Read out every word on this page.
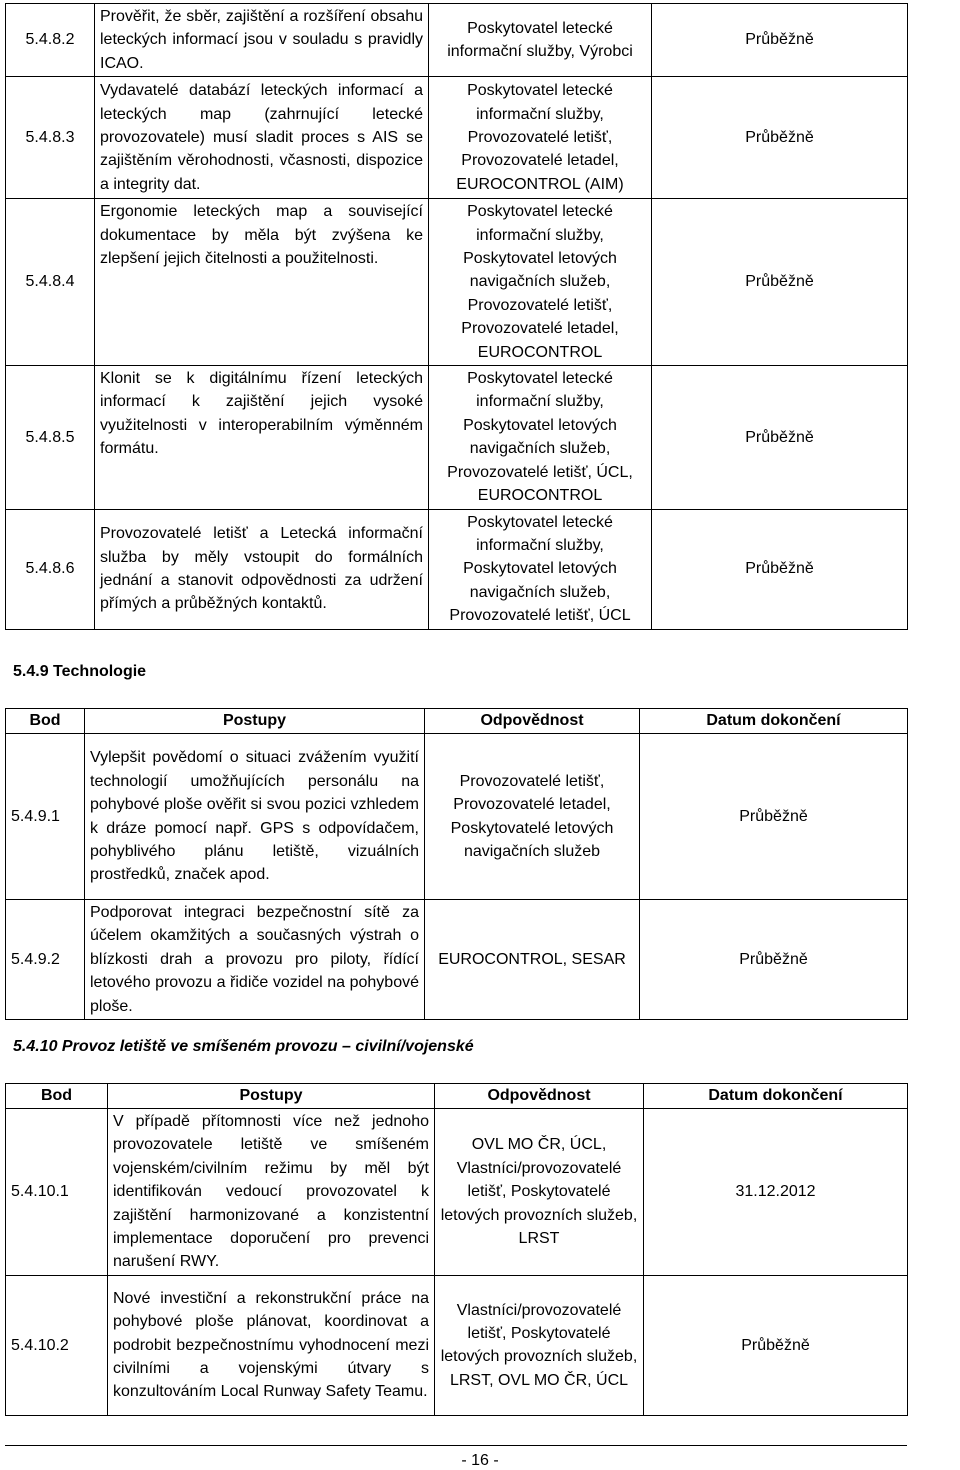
5.4.8.2	Prověřit, že sběr, zajištění a rozšíření obsahu leteckých informací jsou v souladu s pravidly ICAO.	Poskytovatel letecké informační služby, Výrobci	Průběžně
5.4.8.3	Vydavatelé databází leteckých informací a leteckých map (zahrnující letecké provozovatele) musí sladit proces s AIS se zajištěním věrohodnosti, včasnosti, dispozice a integrity dat.	Poskytovatel letecké informační služby, Provozovatelé letišť, Provozovatelé letadel, EUROCONTROL (AIM)	Průběžně
5.4.8.4	Ergonomie leteckých map a související dokumentace by měla být zvýšena ke zlepšení jejich čitelnosti a použitelnosti.	Poskytovatel letecké informační služby, Poskytovatel letových navigačních služeb, Provozovatelé letišť, Provozovatelé letadel, EUROCONTROL	Průběžně
5.4.8.5	Klonit se k digitálnímu řízení leteckých informací k zajištění jejich vysoké využitelnosti v interoperabilním výměnném formátu.	Poskytovatel letecké informační služby, Poskytovatel letových navigačních služeb, Provozovatelé letišť, ÚCL, EUROCONTROL	Průběžně
5.4.8.6	Provozovatelé letišť a Letecká informační služba by měly vstoupit do formálních jednání a stanovit odpovědnosti za udržení přímých a průběžných kontaktů.	Poskytovatel letecké informační služby, Poskytovatel letových navigačních služeb, Provozovatelé letišť, ÚCL	Průběžně
5.4.9 Technologie
Bod	Postupy	Odpovědnost	Datum dokončení
5.4.9.1	Vylepšit povědomí o situaci zvážením využití technologií umožňujících personálu na pohybové ploše ověřit si svou pozici vzhledem k dráze pomocí např. GPS s odpovídačem, pohyblivého plánu letiště, vizuálních prostředků, značek apod.	Provozovatelé letišť, Provozovatelé letadel, Poskytovatelé letových navigačních služeb	Průběžně
5.4.9.2	Podporovat integraci bezpečnostní sítě za účelem okamžitých a současných výstrah o blízkosti drah a provozu pro piloty, řídící letového provozu a řidiče vozidel na pohybové ploše.	EUROCONTROL, SESAR	Průběžně
5.4.10 Provoz letiště ve smíšeném provozu – civilní/vojenské
Bod	Postupy	Odpovědnost	Datum dokončení
5.4.10.1	V případě přítomnosti více než jednoho provozovatele letiště ve smíšeném vojenském/civilním režimu by měl být identifikován vedoucí provozovatel k zajištění harmonizované a konzistentní implementace doporučení pro prevenci narušení RWY.	OVL MO ČR, ÚCL, Vlastníci/provozovatelé letišť, Poskytovatelé letových provozních služeb, LRST	31.12.2012
5.4.10.2	Nové investiční a rekonstrukční práce na pohybové ploše plánovat, koordinovat a podrobit bezpečnostnímu vyhodnocení mezi civilními a vojenskými útvary s konzultováním Local Runway Safety Teamu.	Vlastníci/provozovatelé letišť, Poskytovatelé letových provozních služeb, LRST, OVL MO ČR, ÚCL	Průběžně
- 16 -
